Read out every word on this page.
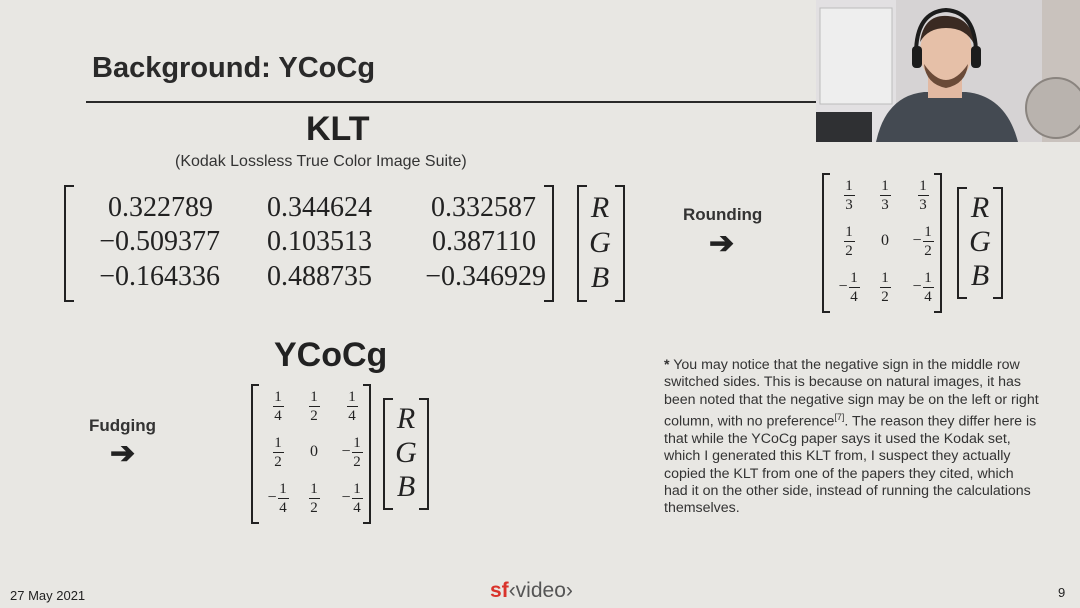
Background: YCoCg
KLT
(Kodak Lossless True Color Image Suite)
0.322789	0.344624	0.332587
−0.509377	0.103513	0.387110
−0.164336	0.488735	−0.346929
R
G
B
Rounding
➔
$\frac{1}{3} \frac{1}{3} \frac{1}{3}$
$\frac{1}{2} 0 - \frac{1}{2}$
− $\frac{1}{4} \frac{1}{2} - \frac{1}{4}$
R
G
B
YCoCg
Fudging
➔
$\frac{1}{4} \frac{1}{2} \frac{1}{4}$
$\frac{1}{2} 0 - \frac{1}{2}$
− $\frac{1}{4} \frac{1}{2} - \frac{1}{4}$
R
G
B
* You may notice that the negative sign in the middle row switched sides. This is because on natural images, it has been noted that the negative sign may be on the left or right column, with no preference[7]. The reason they differ here is that while the YCoCg paper says it used the Kodak set, which I generated this KLT from, I suspect they actually copied the KLT from one of the papers they cited, which had it on the other side, instead of running the calculations themselves.
27 May 2021	sf‹video›	9
